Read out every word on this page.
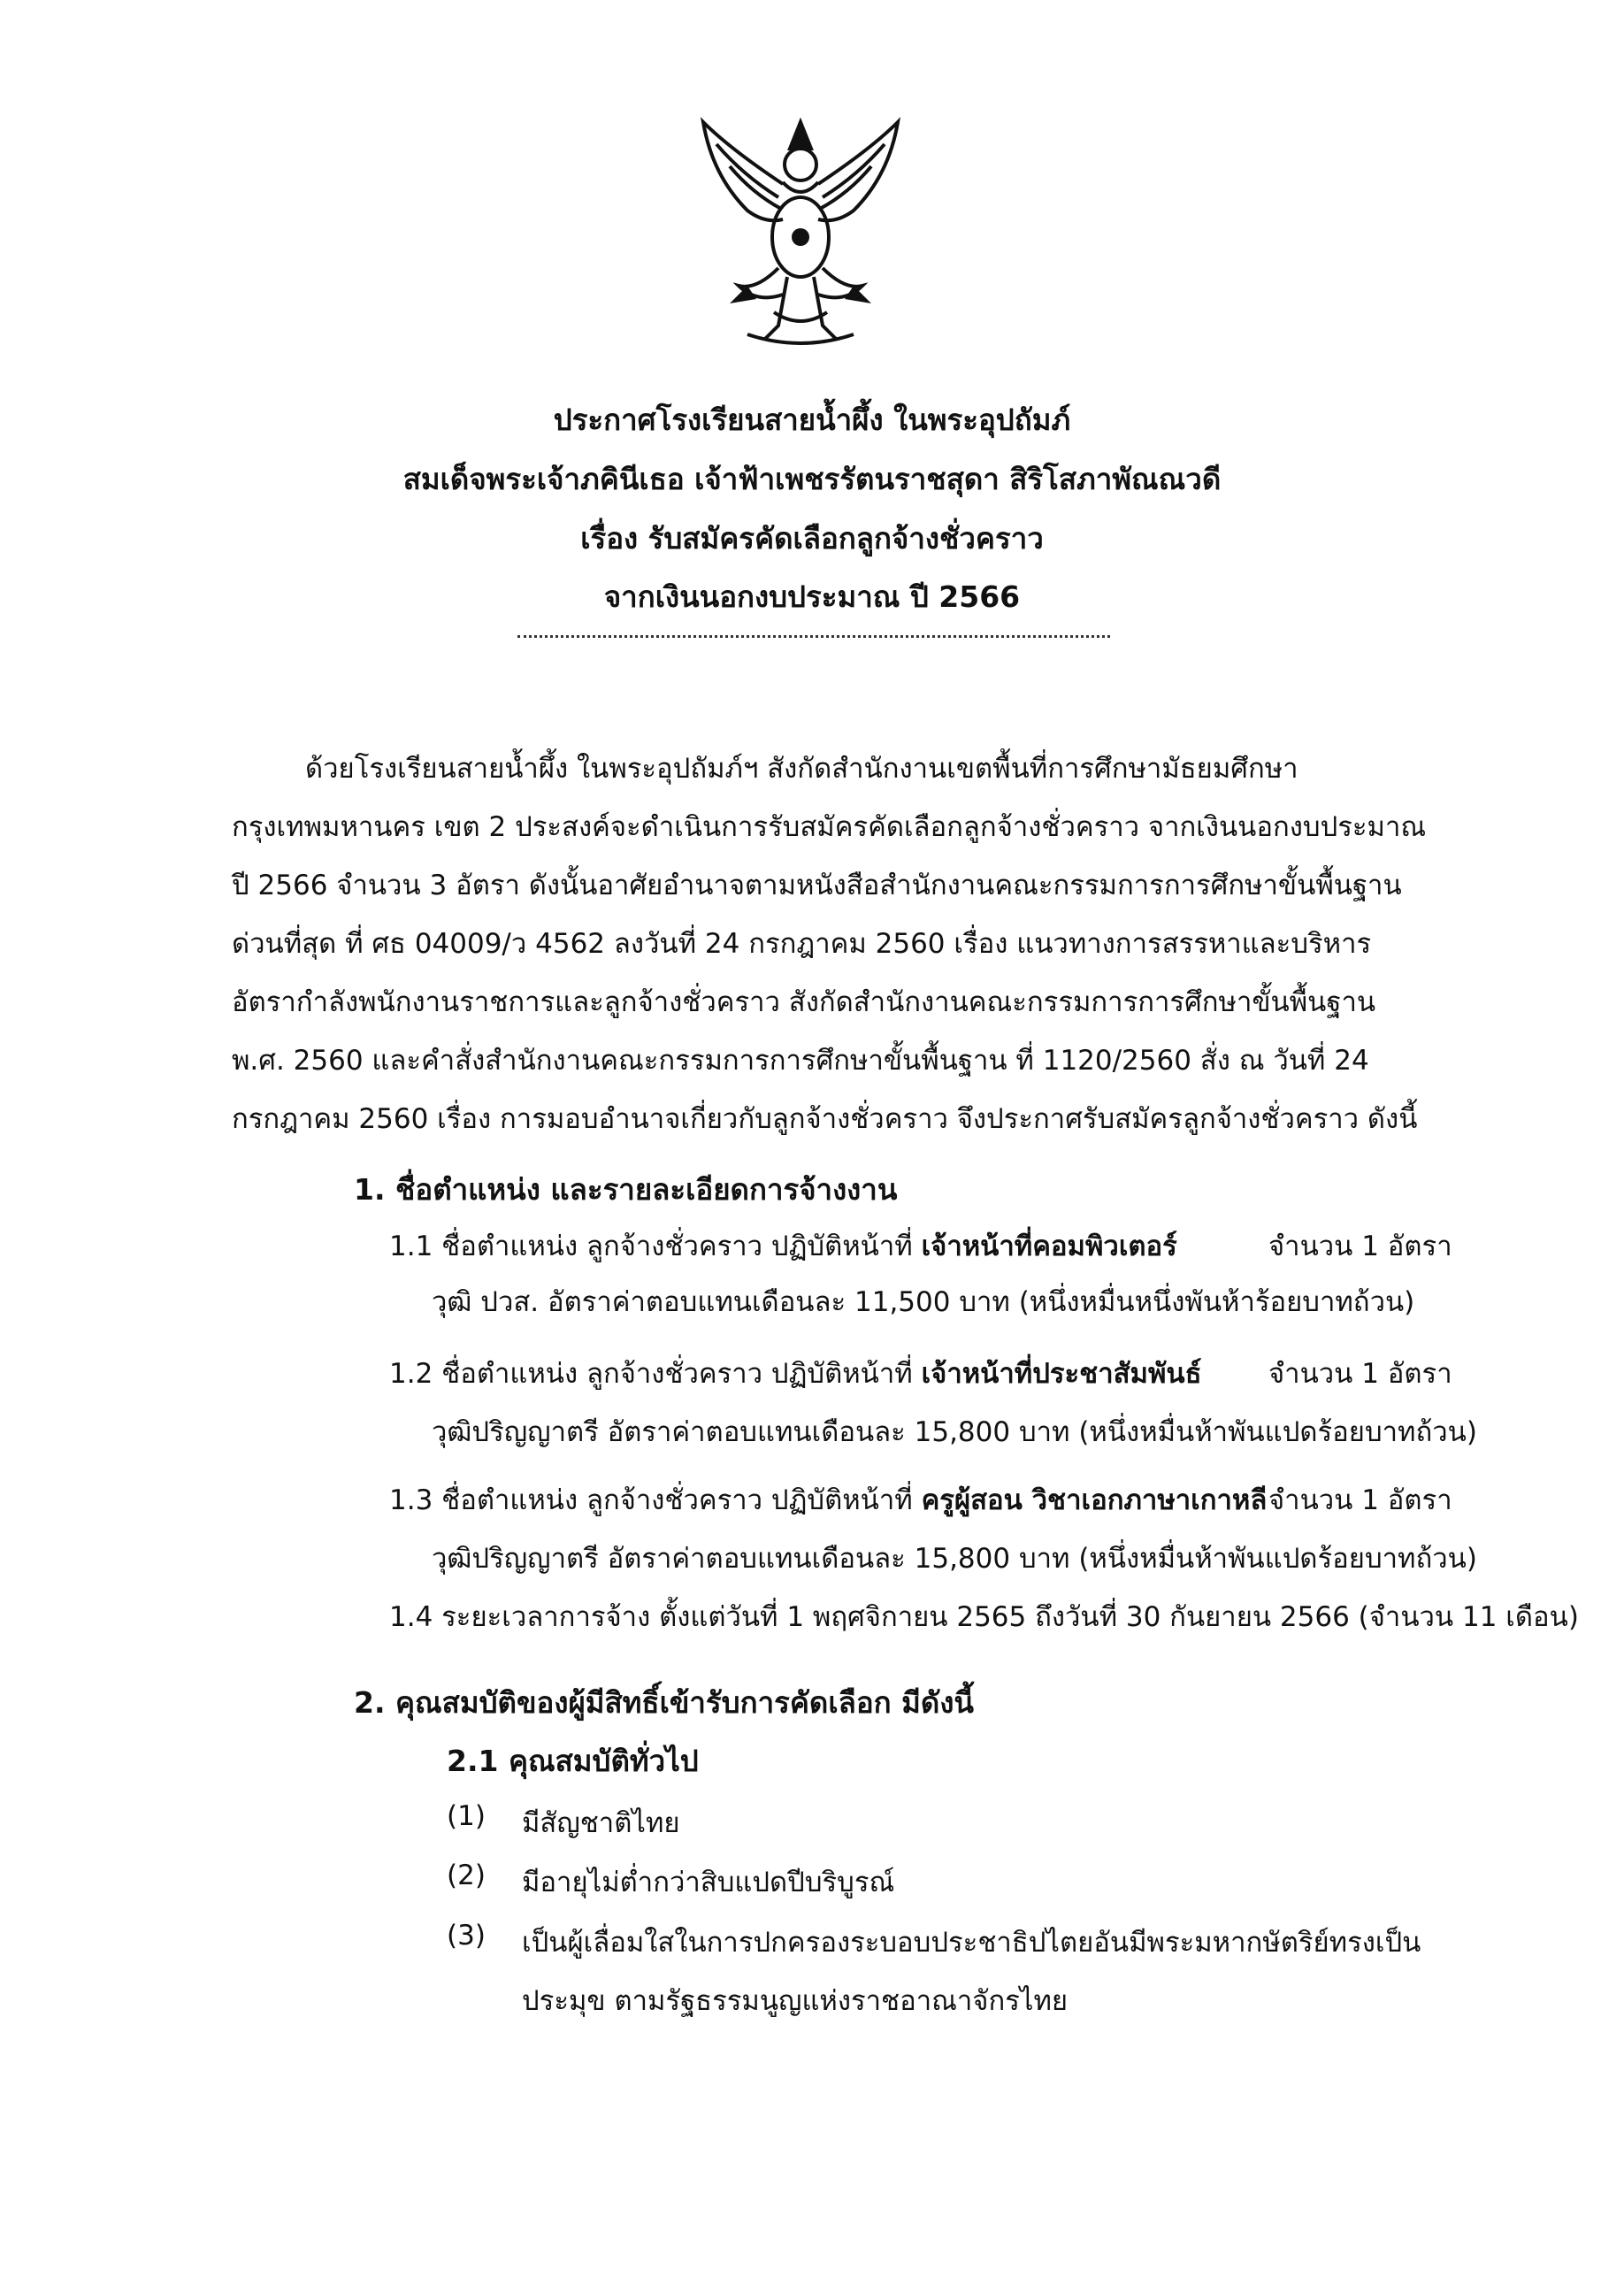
ประกาศโรงเรียนสายน้ำผึ้ง ในพระอุปถัมภ์
สมเด็จพระเจ้าภคินีเธอ เจ้าฟ้าเพชรรัตนราชสุดา สิริโสภาพัณณวดี
เรื่อง รับสมัครคัดเลือกลูกจ้างชั่วคราว
จากเงินนอกงบประมาณ ปี 2566

ด้วยโรงเรียนสายน้ำผึ้ง ในพระอุปถัมภ์ฯ สังกัดสำนักงานเขตพื้นที่การศึกษามัธยมศึกษา กรุงเทพมหานคร เขต 2 ประสงค์จะดำเนินการรับสมัครคัดเลือกลูกจ้างชั่วคราว จากเงินนอกงบประมาณ ปี 2566 จำนวน 3 อัตรา ดังนั้นอาศัยอำนาจตามหนังสือสำนักงานคณะกรรมการการศึกษาขั้นพื้นฐาน ด่วนที่สุด ที่ ศธ 04009/ว 4562 ลงวันที่ 24 กรกฎาคม 2560 เรื่อง แนวทางการสรรหาและบริหารอัตรากำลังพนักงานราชการและลูกจ้างชั่วคราว สังกัดสำนักงานคณะกรรมการการศึกษาขั้นพื้นฐาน พ.ศ. 2560 และคำสั่งสำนักงานคณะกรรมการการศึกษาขั้นพื้นฐาน ที่ 1120/2560 สั่ง ณ วันที่ 24 กรกฎาคม 2560 เรื่อง การมอบอำนาจเกี่ยวกับลูกจ้างชั่วคราว จึงประกาศรับสมัครลูกจ้างชั่วคราว ดังนี้

1. ชื่อตำแหน่ง และรายละเอียดการจ้างงาน
1.1 ชื่อตำแหน่ง ลูกจ้างชั่วคราว ปฏิบัติหน้าที่ เจ้าหน้าที่คอมพิวเตอร์	จำนวน 1 อัตรา
วุฒิ ปวส. อัตราค่าตอบแทนเดือนละ 11,500 บาท (หนึ่งหมื่นหนึ่งพันห้าร้อยบาทถ้วน)
1.2 ชื่อตำแหน่ง ลูกจ้างชั่วคราว ปฏิบัติหน้าที่ เจ้าหน้าที่ประชาสัมพันธ์ จำนวน 1 อัตรา
วุฒิปริญญาตรี อัตราค่าตอบแทนเดือนละ 15,800 บาท (หนึ่งหมื่นห้าพันแปดร้อยบาทถ้วน)
1.3 ชื่อตำแหน่ง ลูกจ้างชั่วคราว ปฏิบัติหน้าที่ ครูผู้สอน วิชาเอกภาษาเกาหลี จำนวน 1 อัตรา
วุฒิปริญญาตรี อัตราค่าตอบแทนเดือนละ 15,800 บาท (หนึ่งหมื่นห้าพันแปดร้อยบาทถ้วน)
1.4 ระยะเวลาการจ้าง ตั้งแต่วันที่ 1 พฤศจิกายน 2565 ถึงวันที่ 30 กันยายน 2566 (จำนวน 11 เดือน)
2. คุณสมบัติของผู้มีสิทธิ์เข้ารับการคัดเลือก มีดังนี้
2.1 คุณสมบัติทั่วไป
(1) มีสัญชาติไทย
(2) มีอายุไม่ต่ำกว่าสิบแปดปีบริบูรณ์
(3) เป็นผู้เลื่อมใสในการปกครองระบอบประชาธิปไตยอันมีพระมหากษัตริย์ทรงเป็น
ประมุข ตามรัฐธรรมนูญแห่งราชอาณาจักรไทย
